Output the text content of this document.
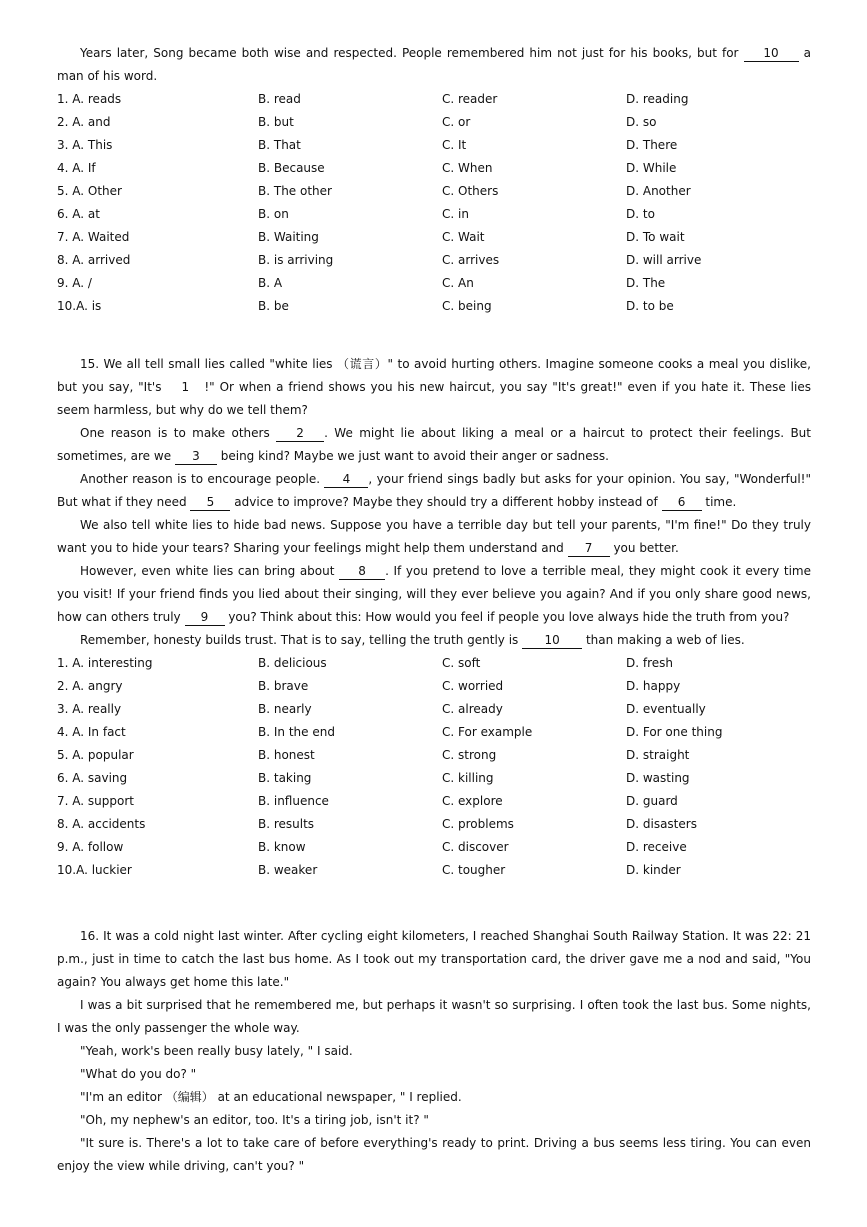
Years later, Song became both wise and respected. People remembered him not just for his books, but for 10 a man of his word.

1. A. reads	B. read	C. reader	D. reading
2. A. and	B. but	C. or	D. so
3. A. This	B. That	C. It	D. There
4. A. If	B. Because	C. When	D. While
5. A. Other	B. The other	C. Others	D. Another
6. A. at	B. on	C. in	D. to
7. A. Waited	B. Waiting	C. Wait	D. To wait
8. A. arrived	B. is arriving	C. arrives	D. will arrive
9. A. /	B. A	C. An	D. The
10.A. is	B. be	C. being	D. to be

15. We all tell small lies called "white lies （谎言）" to avoid hurting others. Imagine someone cooks a meal you dislike, but you say, "It's 1 !" Or when a friend shows you his new haircut, you say "It's great!" even if you hate it. These lies seem harmless, but why do we tell them?

One reason is to make others 2 . We might lie about liking a meal or a haircut to protect their feelings. But sometimes, are we 3 being kind? Maybe we just want to avoid their anger or sadness.

Another reason is to encourage people. 4 , your friend sings badly but asks for your opinion. You say, "Wonderful!" But what if they need 5 advice to improve? Maybe they should try a different hobby instead of 6 time.

We also tell white lies to hide bad news. Suppose you have a terrible day but tell your parents, "I'm fine!" Do they truly want you to hide your tears? Sharing your feelings might help them understand and 7 you better.

However, even white lies can bring about 8 . If you pretend to love a terrible meal, they might cook it every time you visit! If your friend finds you lied about their singing, will they ever believe you again? And if you only share good news, how can others truly 9 you? Think about this: How would you feel if people you love always hide the truth from you?

Remember, honesty builds trust. That is to say, telling the truth gently is 10 than making a web of lies.

1. A. interesting	B. delicious	C. soft	D. fresh
2. A. angry	B. brave	C. worried	D. happy
3. A. really	B. nearly	C. already	D. eventually
4. A. In fact	B. In the end	C. For example	D. For one thing
5. A. popular	B. honest	C. strong	D. straight
6. A. saving	B. taking	C. killing	D. wasting
7. A. support	B. influence	C. explore	D. guard
8. A. accidents	B. results	C. problems	D. disasters
9. A. follow	B. know	C. discover	D. receive
10.A. luckier	B. weaker	C. tougher	D. kinder

16. It was a cold night last winter. After cycling eight kilometers, I reached Shanghai South Railway Station. It was 22: 21 p.m., just in time to catch the last bus home. As I took out my transportation card, the driver gave me a nod and said, "You again? You always get home this late."

I was a bit surprised that he remembered me, but perhaps it wasn't so surprising. I often took the last bus. Some nights, I was the only passenger the whole way.

"Yeah, work's been really busy lately, " I said.

"What do you do? "

"I'm an editor （编辑） at an educational newspaper, " I replied.

"Oh, my nephew's an editor, too. It's a tiring job, isn't it? "

"It sure is. There's a lot to take care of before everything's ready to print. Driving a bus seems less tiring. You can even enjoy the view while driving, can't you? "
